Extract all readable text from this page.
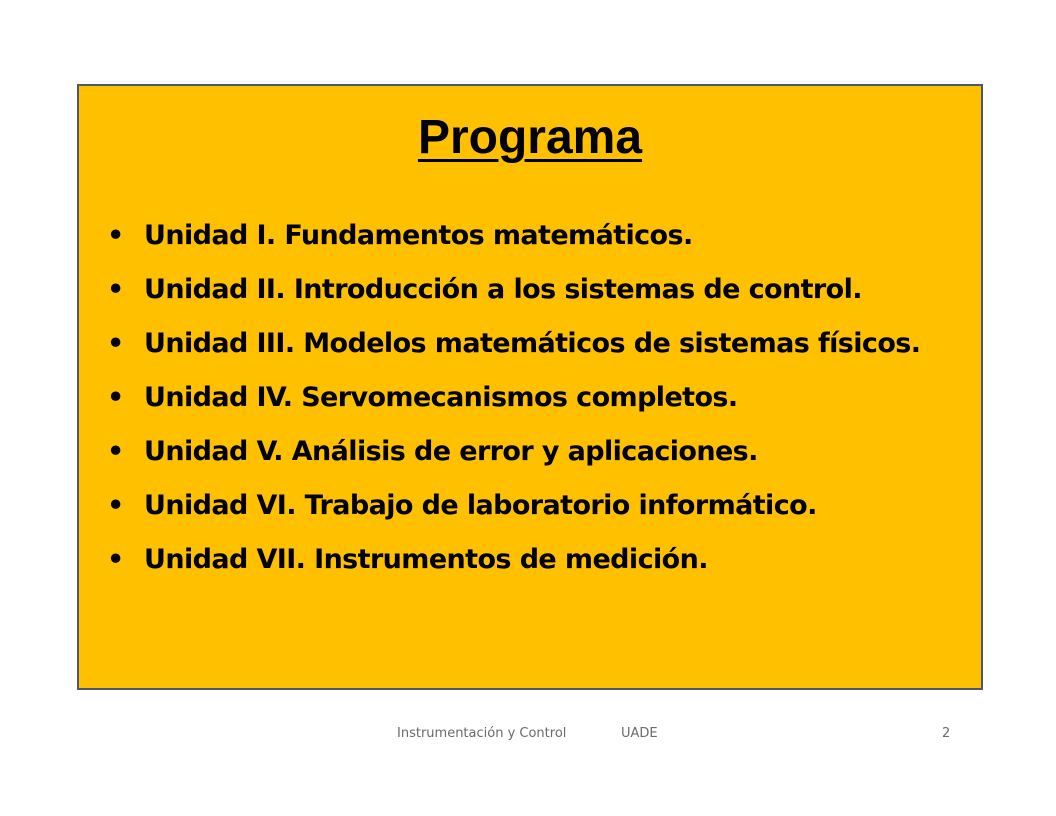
Programa
• Unidad I. Fundamentos matemáticos.
• Unidad II. Introducción a los sistemas de control.
• Unidad III. Modelos matemáticos de sistemas físicos.
• Unidad IV. Servomecanismos completos.
• Unidad V. Análisis de error y aplicaciones.
• Unidad VI. Trabajo de laboratorio informático.
• Unidad VII. Instrumentos de medición.
Instrumentación y Control	UADE	2
